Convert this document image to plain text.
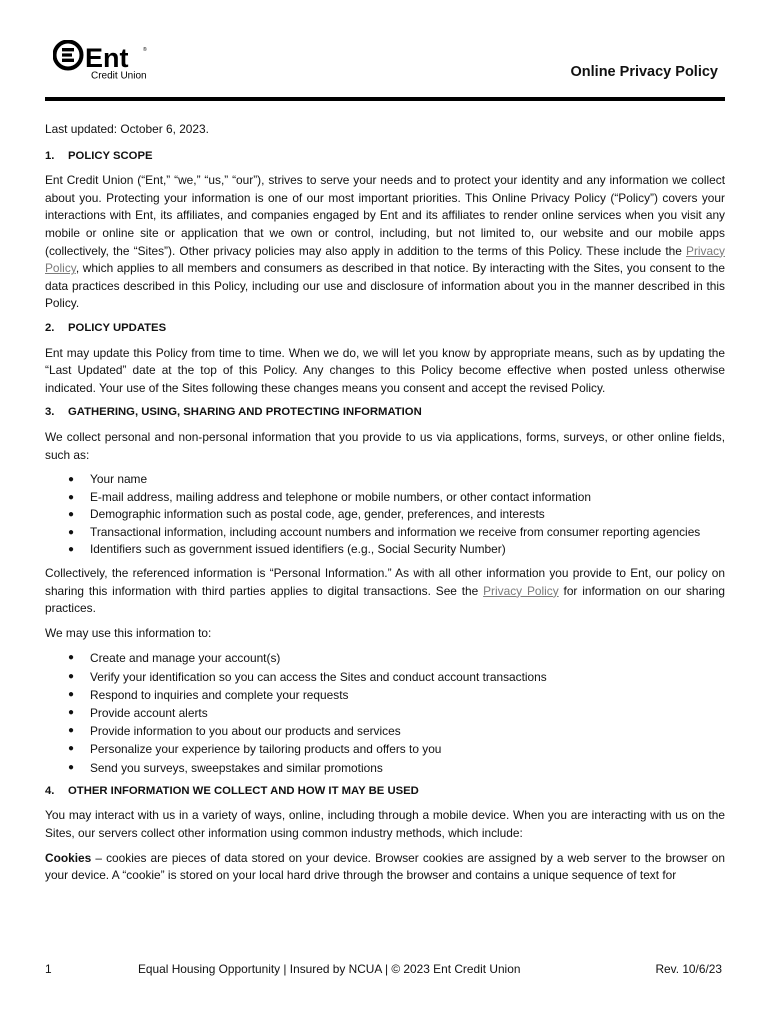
Ent	®
Credit Union	Online Privacy Policy

Last updated: October 6, 2023.

1.	POLICY SCOPE

Ent Credit Union (“Ent,” “we,” “us,” “our”), strives to serve your needs and to protect your identity and any information we collect about you. Protecting your information is one of our most important priorities. This Online Privacy Policy (“Policy”) covers your interactions with Ent, its affiliates, and companies engaged by Ent and its affiliates to render online services when you visit any mobile or online site or application that we own or control, including, but not limited to, our website and our mobile apps (collectively, the “Sites”). Other privacy policies may also apply in addition to the terms of this Policy. These include the Privacy Policy, which applies to all members and consumers as described in that notice. By interacting with the Sites, you consent to the data practices described in this Policy, including our use and disclosure of information about you in the manner described in this Policy.

2.	POLICY UPDATES

Ent may update this Policy from time to time. When we do, we will let you know by appropriate means, such as by updating the “Last Updated” date at the top of this Policy. Any changes to this Policy become effective when posted unless otherwise indicated. Your use of the Sites following these changes means you consent and accept the revised Policy.

3.	GATHERING, USING, SHARING AND PROTECTING INFORMATION

We collect personal and non-personal information that you provide to us via applications, forms, surveys, or other online fields, such as:

● Your name
● E-mail address, mailing address and telephone or mobile numbers, or other contact information
● Demographic information such as postal code, age, gender, preferences, and interests
● Transactional information, including account numbers and information we receive from consumer reporting agencies
● Identifiers such as government issued identifiers (e.g., Social Security Number)

Collectively, the referenced information is “Personal Information.” As with all other information you provide to Ent, our policy on sharing this information with third parties applies to digital transactions. See the Privacy Policy for information on our sharing practices.

We may use this information to:

● Create and manage your account(s)
● Verify your identification so you can access the Sites and conduct account transactions
● Respond to inquiries and complete your requests
● Provide account alerts
● Provide information to you about our products and services
● Personalize your experience by tailoring products and offers to you
● Send you surveys, sweepstakes and similar promotions
4.	OTHER INFORMATION WE COLLECT AND HOW IT MAY BE USED

You may interact with us in a variety of ways, online, including through a mobile device. When you are interacting with us on the Sites, our servers collect other information using common industry methods, which include:

Cookies – cookies are pieces of data stored on your device. Browser cookies are assigned by a web server to the browser on your device. A “cookie” is stored on your local hard drive through the browser and contains a unique sequence of text for

1	Equal Housing Opportunity | Insured by NCUA | © 2023 Ent Credit Union	Rev. 10/6/23
